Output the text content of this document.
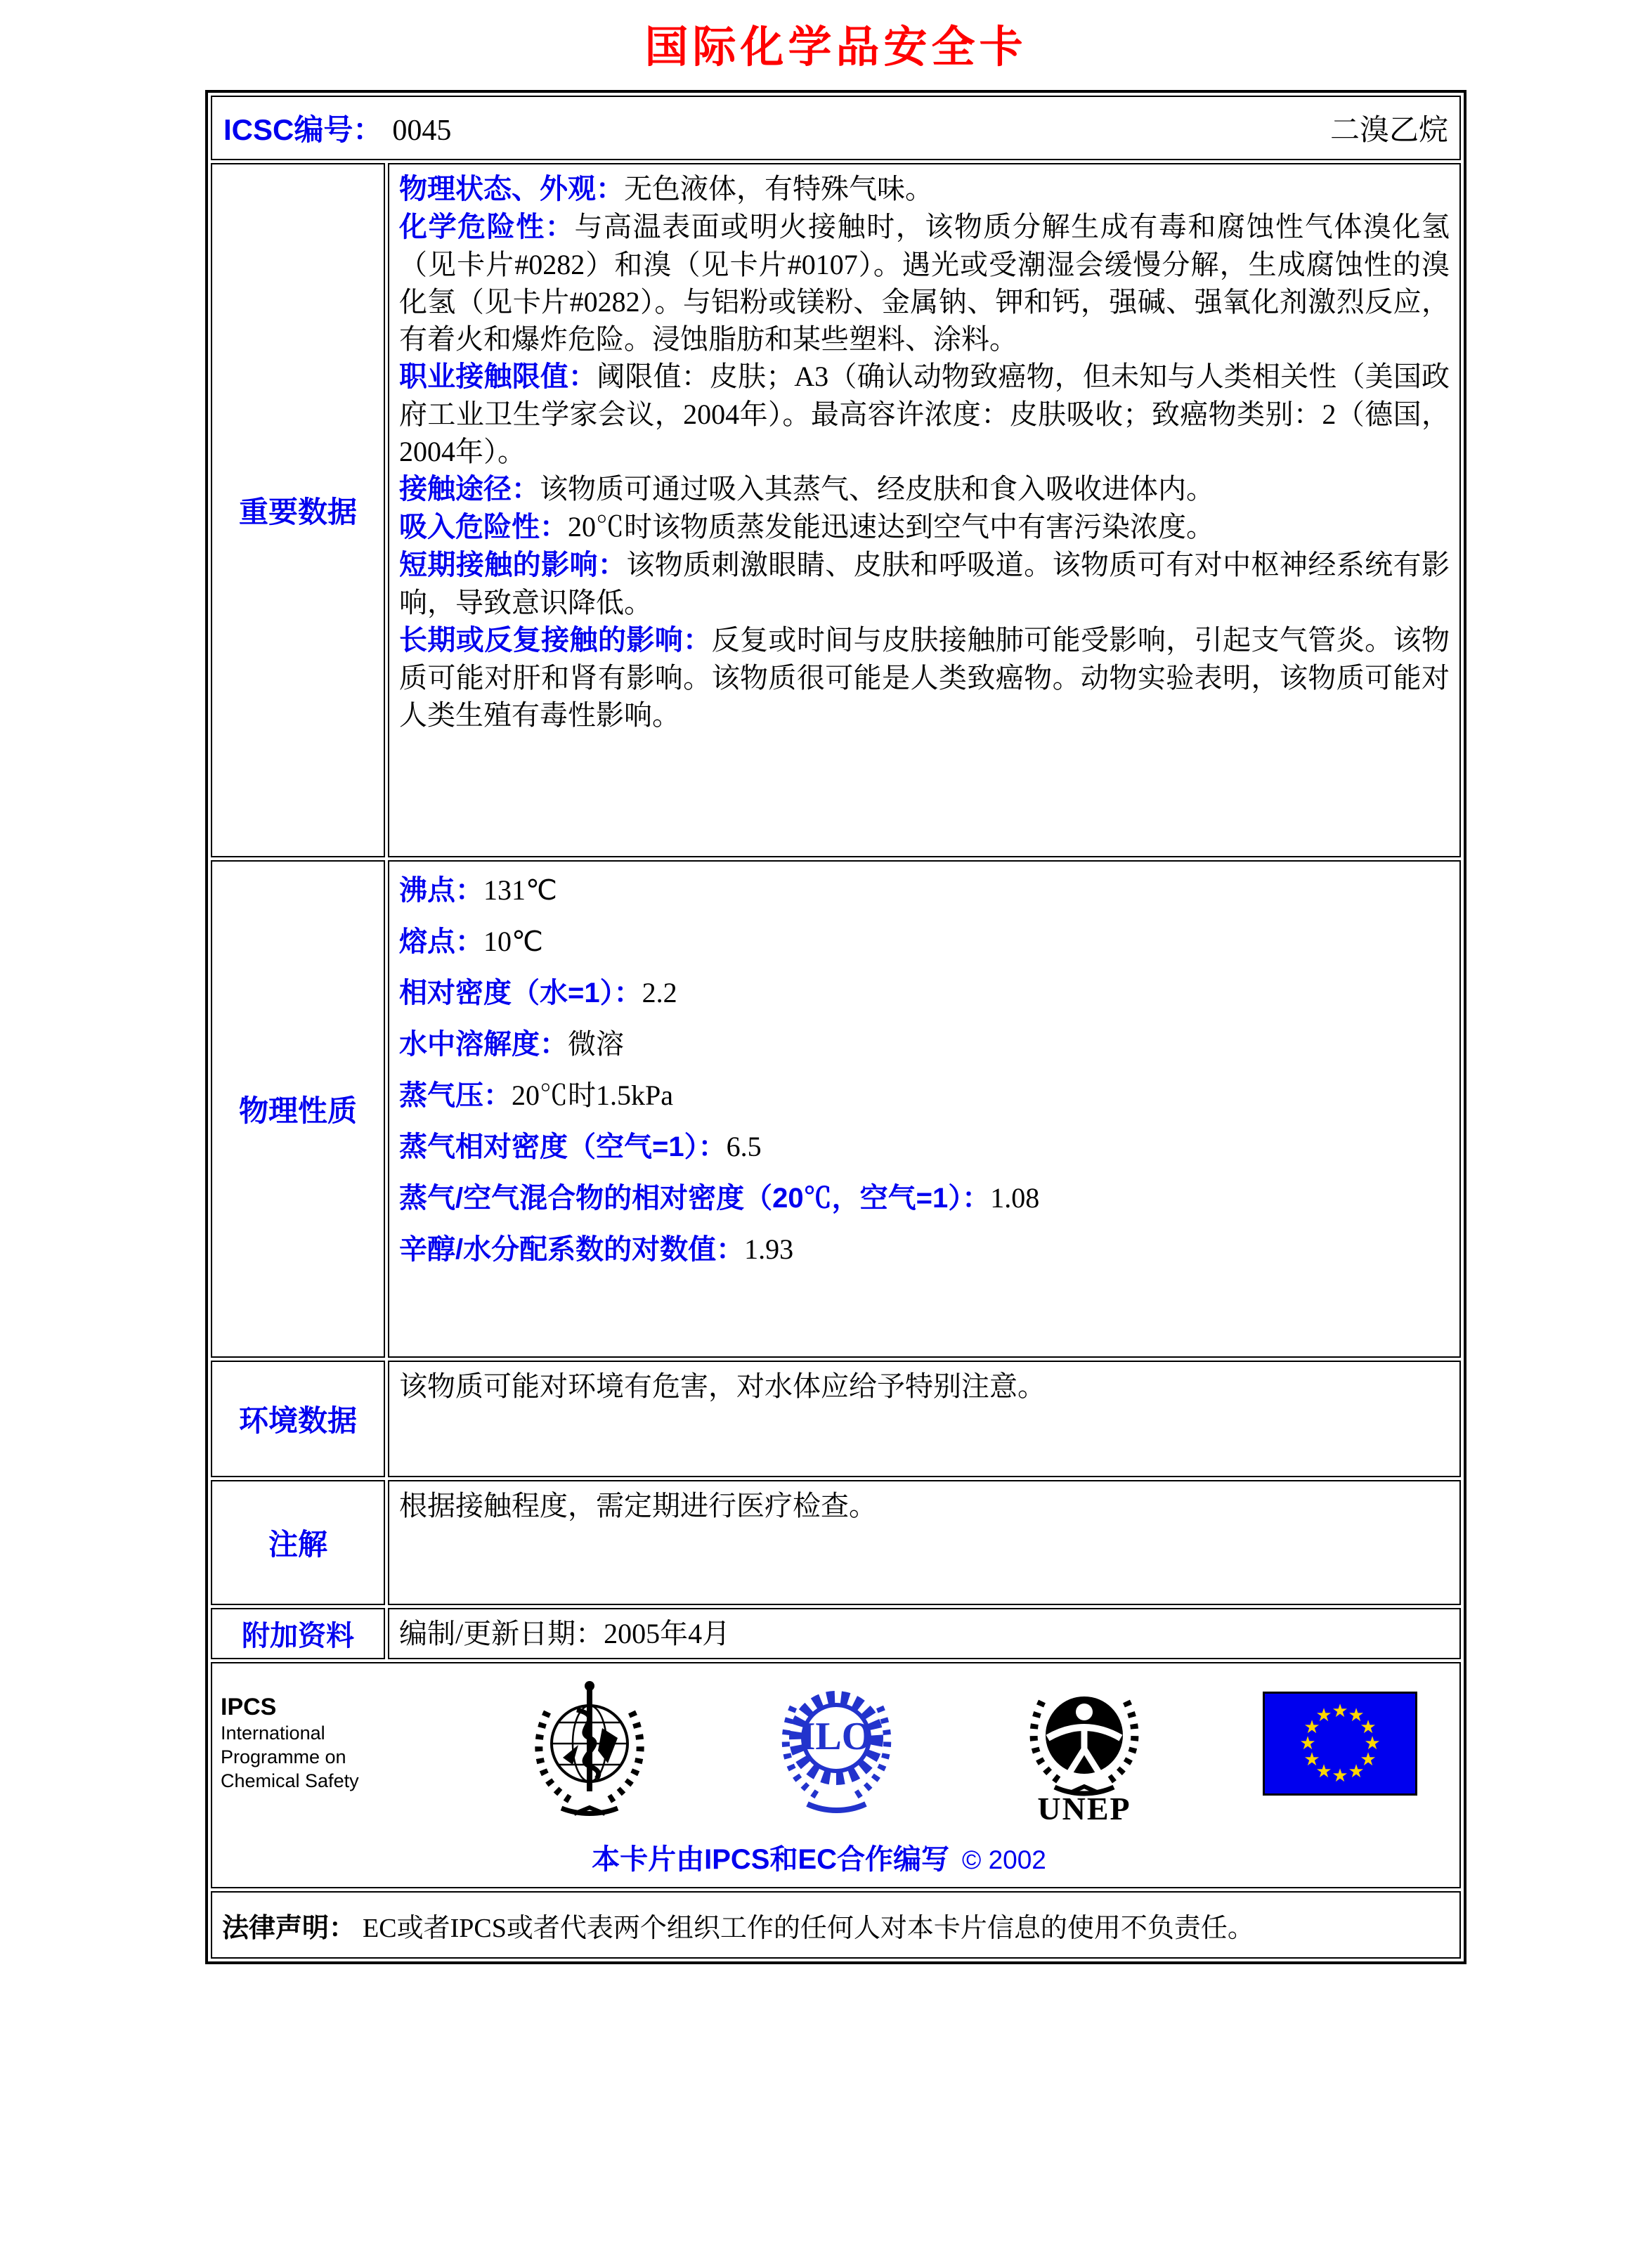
国际化学品安全卡
ICSC编号： 0045	二溴乙烷
重要数据
物理状态、外观：无色液体，有特殊气味。
化学危险性：与高温表面或明火接触时，该物质分解生成有毒和腐蚀性气体溴化氢（见卡片#0282）和溴（见卡片#0107）。遇光或受潮湿会缓慢分解，生成腐蚀性的溴化氢（见卡片#0282）。与铝粉或镁粉、金属钠、钾和钙，强碱、强氧化剂激烈反应，有着火和爆炸危险。浸蚀脂肪和某些塑料、涂料。
职业接触限值：阈限值：皮肤；A3（确认动物致癌物，但未知与人类相关性（美国政府工业卫生学家会议，2004年）。最高容许浓度：皮肤吸收；致癌物类别：2（德国，2004年）。
接触途径：该物质可通过吸入其蒸气、经皮肤和食入吸收进体内。
吸入危险性：20℃时该物质蒸发能迅速达到空气中有害污染浓度。
短期接触的影响：该物质刺激眼睛、皮肤和呼吸道。该物质可有对中枢神经系统有影响，导致意识降低。
长期或反复接触的影响：反复或时间与皮肤接触肺可能受影响，引起支气管炎。该物质可能对肝和肾有影响。该物质很可能是人类致癌物。动物实验表明，该物质可能对人类生殖有毒性影响。
物理性质
沸点：131℃
熔点：10℃
相对密度（水=1）：2.2
水中溶解度：微溶
蒸气压：20℃时1.5kPa
蒸气相对密度（空气=1）：6.5
蒸气/空气混合物的相对密度（20℃，空气=1）：1.08
辛醇/水分配系数的对数值：1.93
环境数据
该物质可能对环境有危害，对水体应给予特别注意。
注解
根据接触程度，需定期进行医疗检查。
附加资料	编制/更新日期：2005年4月
IPCS
International
Programme on
Chemical Safety
ILO
UNEP
★ ★
★
★
★
★
★
★
★
★
★
★
本卡片由IPCS和EC合作编写 © 2002
法律声明： EC或者IPCS或者代表两个组织工作的任何人对本卡片信息的使用不负责任。
